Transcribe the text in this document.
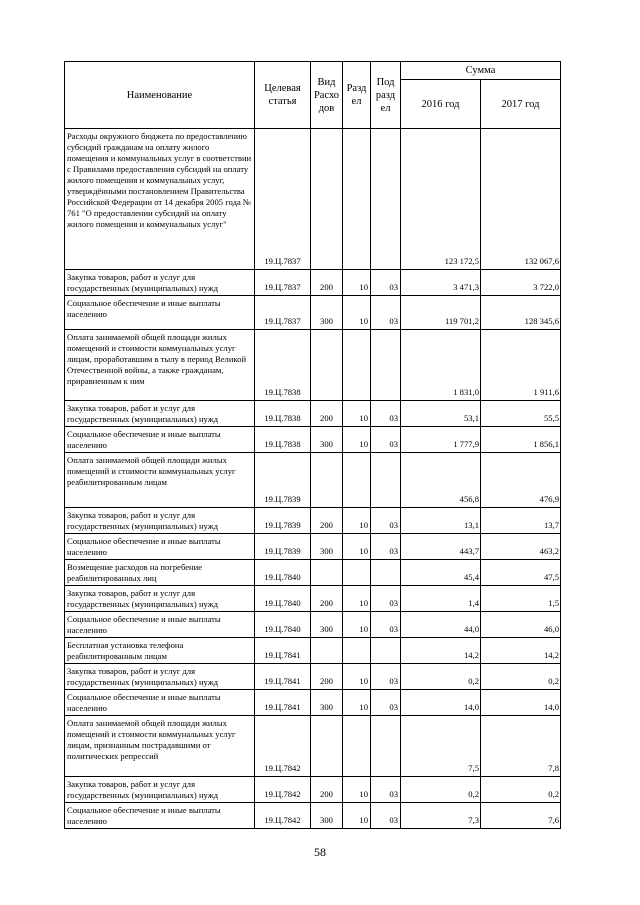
Наименование	Целевая статья	Вид Расхо дов	Разд ел	Под разд ел	Сумма	
					2016 год	2017 год
Расходы окружного бюджета по предоставлению субсидий гражданам на оплату жилого помещения и коммунальных услуг в соответствии с Правилами предоставления субсидий на оплату жилого помещения и коммунальных услуг, утверждёнными постановлением Правительства Российской Федерации от 14 декабря 2005 года № 761 "О предоставлении субсидий на оплату жилого помещения и коммунальных услуг"	19.Ц.7837				123 172,5	132 067,6
Закупка товаров, работ и услуг для государственных (муниципальных) нужд	19.Ц.7837	200	10	03	3 471,3	3 722,0
Социальное обеспечение и иные выплаты населению	19.Ц.7837	300	10	03	119 701,2	128 345,6
Оплата занимаемой общей площади жилых помещений и стоимости коммунальных услуг лицам, проработавшим в тылу в период Великой Отечественной войны, а также гражданам, приравненным к ним	19.Ц.7838				1 831,0	1 911,6
Закупка товаров, работ и услуг для государственных (муниципальных) нужд	19.Ц.7838	200	10	03	53,1	55,5
Социальное обеспечение и иные выплаты населению	19.Ц.7838	300	10	03	1 777,9	1 856,1
Оплата занимаемой общей площади жилых помещений и стоимости коммунальных услуг реабилитированным лицам	19.Ц.7839				456,8	476,9
Закупка товаров, работ и услуг для государственных (муниципальных) нужд	19.Ц.7839	200	10	03	13,1	13,7
Социальное обеспечение и иные выплаты населению	19.Ц.7839	300	10	03	443,7	463,2
Возмещение расходов на погребение реабилитированных лиц	19.Ц.7840				45,4	47,5
Закупка товаров, работ и услуг для государственных (муниципальных) нужд	19.Ц.7840	200	10	03	1,4	1,5
Социальное обеспечение и иные выплаты населению	19.Ц.7840	300	10	03	44,0	46,0
Бесплатная установка телефона реабилитированным лицам	19.Ц.7841				14,2	14,2
Закупка товаров, работ и услуг для государственных (муниципальных) нужд	19.Ц.7841	200	10	03	0,2	0,2
Социальное обеспечение и иные выплаты населению	19.Ц.7841	300	10	03	14,0	14,0
Оплата занимаемой общей площади жилых помещений и стоимости коммунальных услуг лицам, признанным пострадавшими от политических репрессий	19.Ц.7842				7,5	7,8
Закупка товаров, работ и услуг для государственных (муниципальных) нужд	19.Ц.7842	200	10	03	0,2	0,2
Социальное обеспечение и иные выплаты населению	19.Ц.7842	300	10	03	7,3	7,6
58
